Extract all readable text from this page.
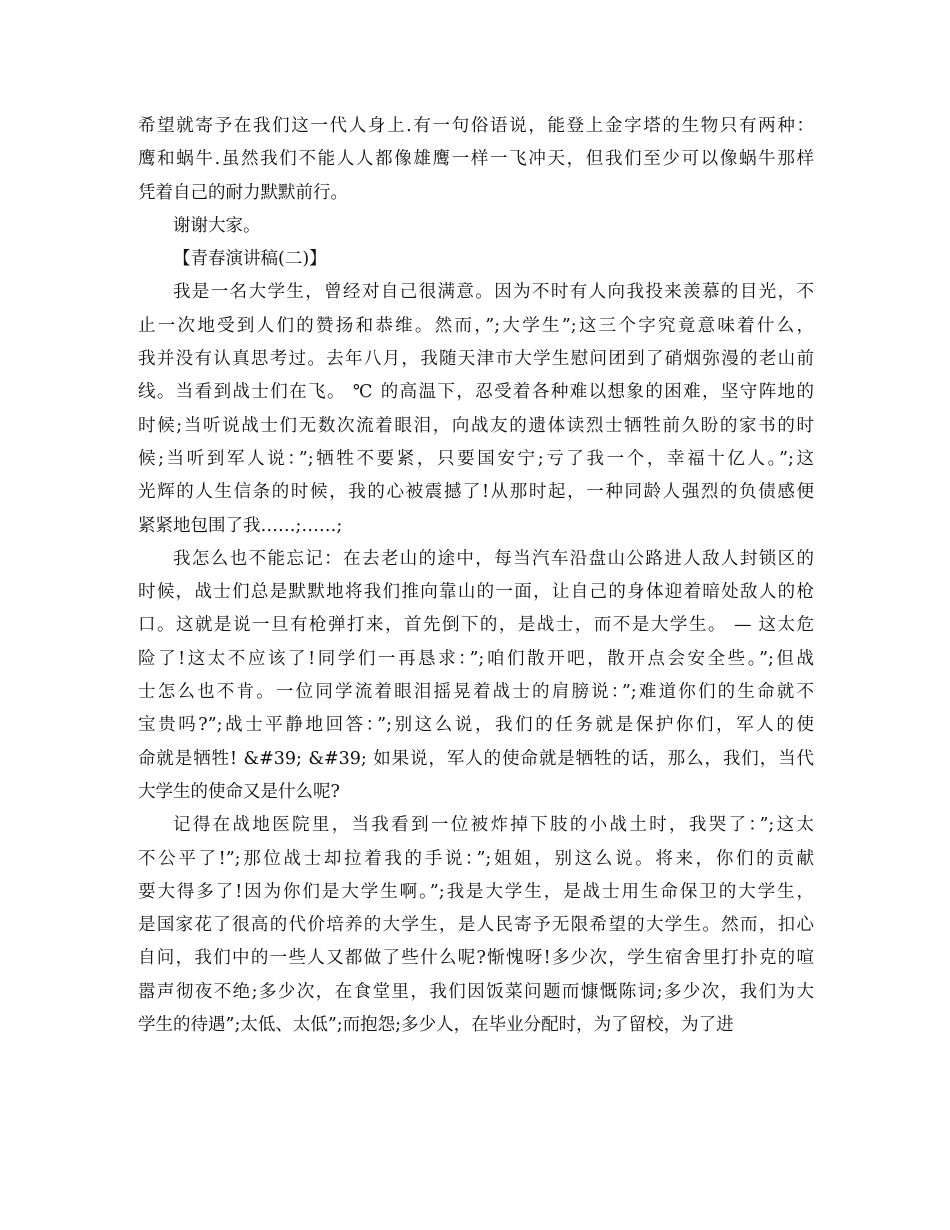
希望就寄予在我们这一代人身上.有一句俗语说，能登上金字塔的生物只有两种：
鹰和蜗牛.虽然我们不能人人都像雄鹰一样一飞冲天，但我们至少可以像蜗牛那样
凭着自己的耐力默默前行。
谢谢大家。
【青春演讲稿(二)】
我是一名大学生，曾经对自己很满意。因为不时有人向我投来羡慕的目光，不
止一次地受到人们的赞扬和恭维。然而，”;大学生”;这三个字究竟意味着什么，
我并没有认真思考过。去年八月，我随天津市大学生慰问团到了硝烟弥漫的老山前
线。当看到战士们在飞。 ℃ 的高温下，忍受着各种难以想象的困难，坚守阵地的
时候;当听说战士们无数次流着眼泪，向战友的遗体读烈士牺牲前久盼的家书的时
候;当听到军人说：”;牺牲不要紧，只要国安宁;亏了我一个，幸福十亿人。”;这
光辉的人生信条的时候，我的心被震撼了!从那时起，一种同龄人强烈的负债感便
紧紧地包围了我……;……;
我怎么也不能忘记：在去老山的途中，每当汽车沿盘山公路进人敌人封锁区的
时候，战士们总是默默地将我们推向靠山的一面，让自己的身体迎着暗处敌人的枪
口。这就是说一旦有枪弹打来，首先倒下的，是战士，而不是大学生。 — 这太危
险了!这太不应该了!同学们一再恳求：”;咱们散开吧，散开点会安全些。”;但战
士怎么也不肯。一位同学流着眼泪摇晃着战士的肩膀说：”;难道你们的生命就不
宝贵吗?”;战士平静地回答：”;别这么说，我们的任务就是保护你们，军人的使
命就是牺牲! &#39; &#39; 如果说，军人的使命就是牺牲的话，那么，我们，当代
大学生的使命又是什么呢?
记得在战地医院里，当我看到一位被炸掉下肢的小战土时，我哭了：”;这太
不公平了!”;那位战士却拉着我的手说：”;姐姐，别这么说。将来，你们的贡献
要大得多了!因为你们是大学生啊。”;我是大学生，是战士用生命保卫的大学生，
是国家花了很高的代价培养的大学生，是人民寄予无限希望的大学生。然而，扣心
自问，我们中的一些人又都做了些什么呢?惭愧呀!多少次，学生宿舍里打扑克的喧
嚣声彻夜不绝;多少次，在食堂里，我们因饭菜问题而慷慨陈词;多少次，我们为大
学生的待遇”;太低、太低”;而抱怨;多少人，在毕业分配时，为了留校，为了进
